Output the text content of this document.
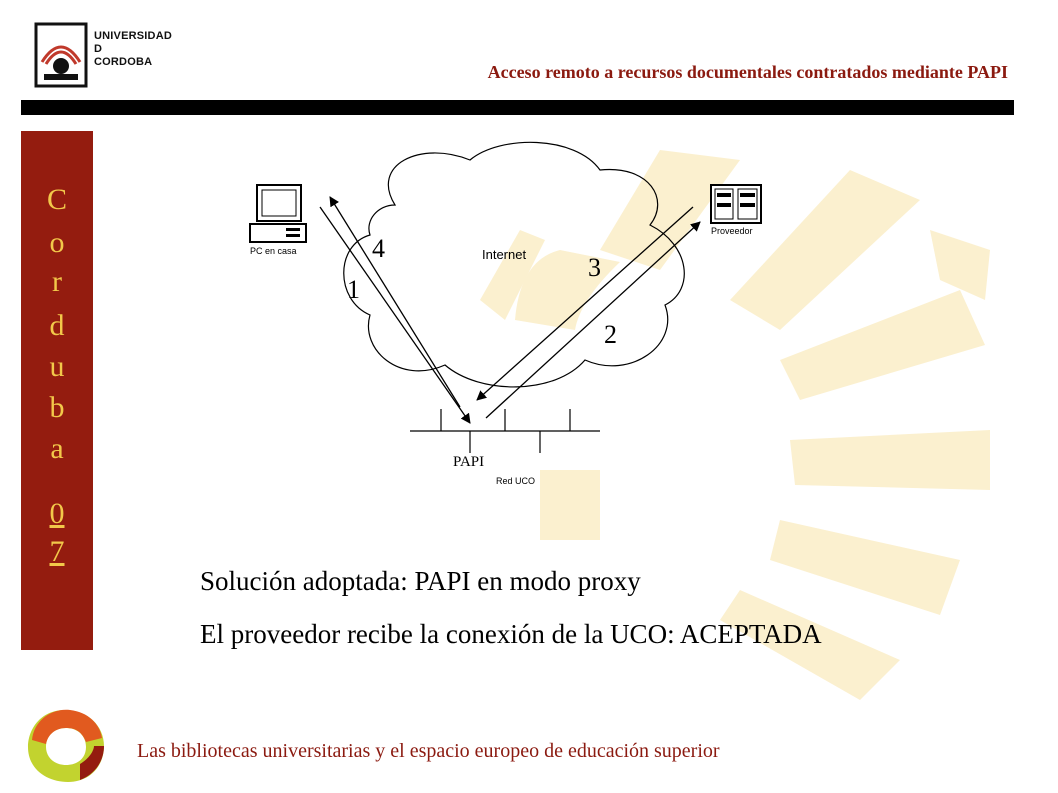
UNIVERSIDAD
D
CORDOBA	Acceso remoto a recursos documentales contratados mediante PAPI
C
o
r
d
u
b
a
0
7
Internet
PC en casa
Proveedor
PAPI
Red UCO
1
2
3
4
Solución adoptada: PAPI en modo proxy
El proveedor recibe la conexión de la UCO: ACEPTADA
Las bibliotecas universitarias y el espacio europeo de educación superior
